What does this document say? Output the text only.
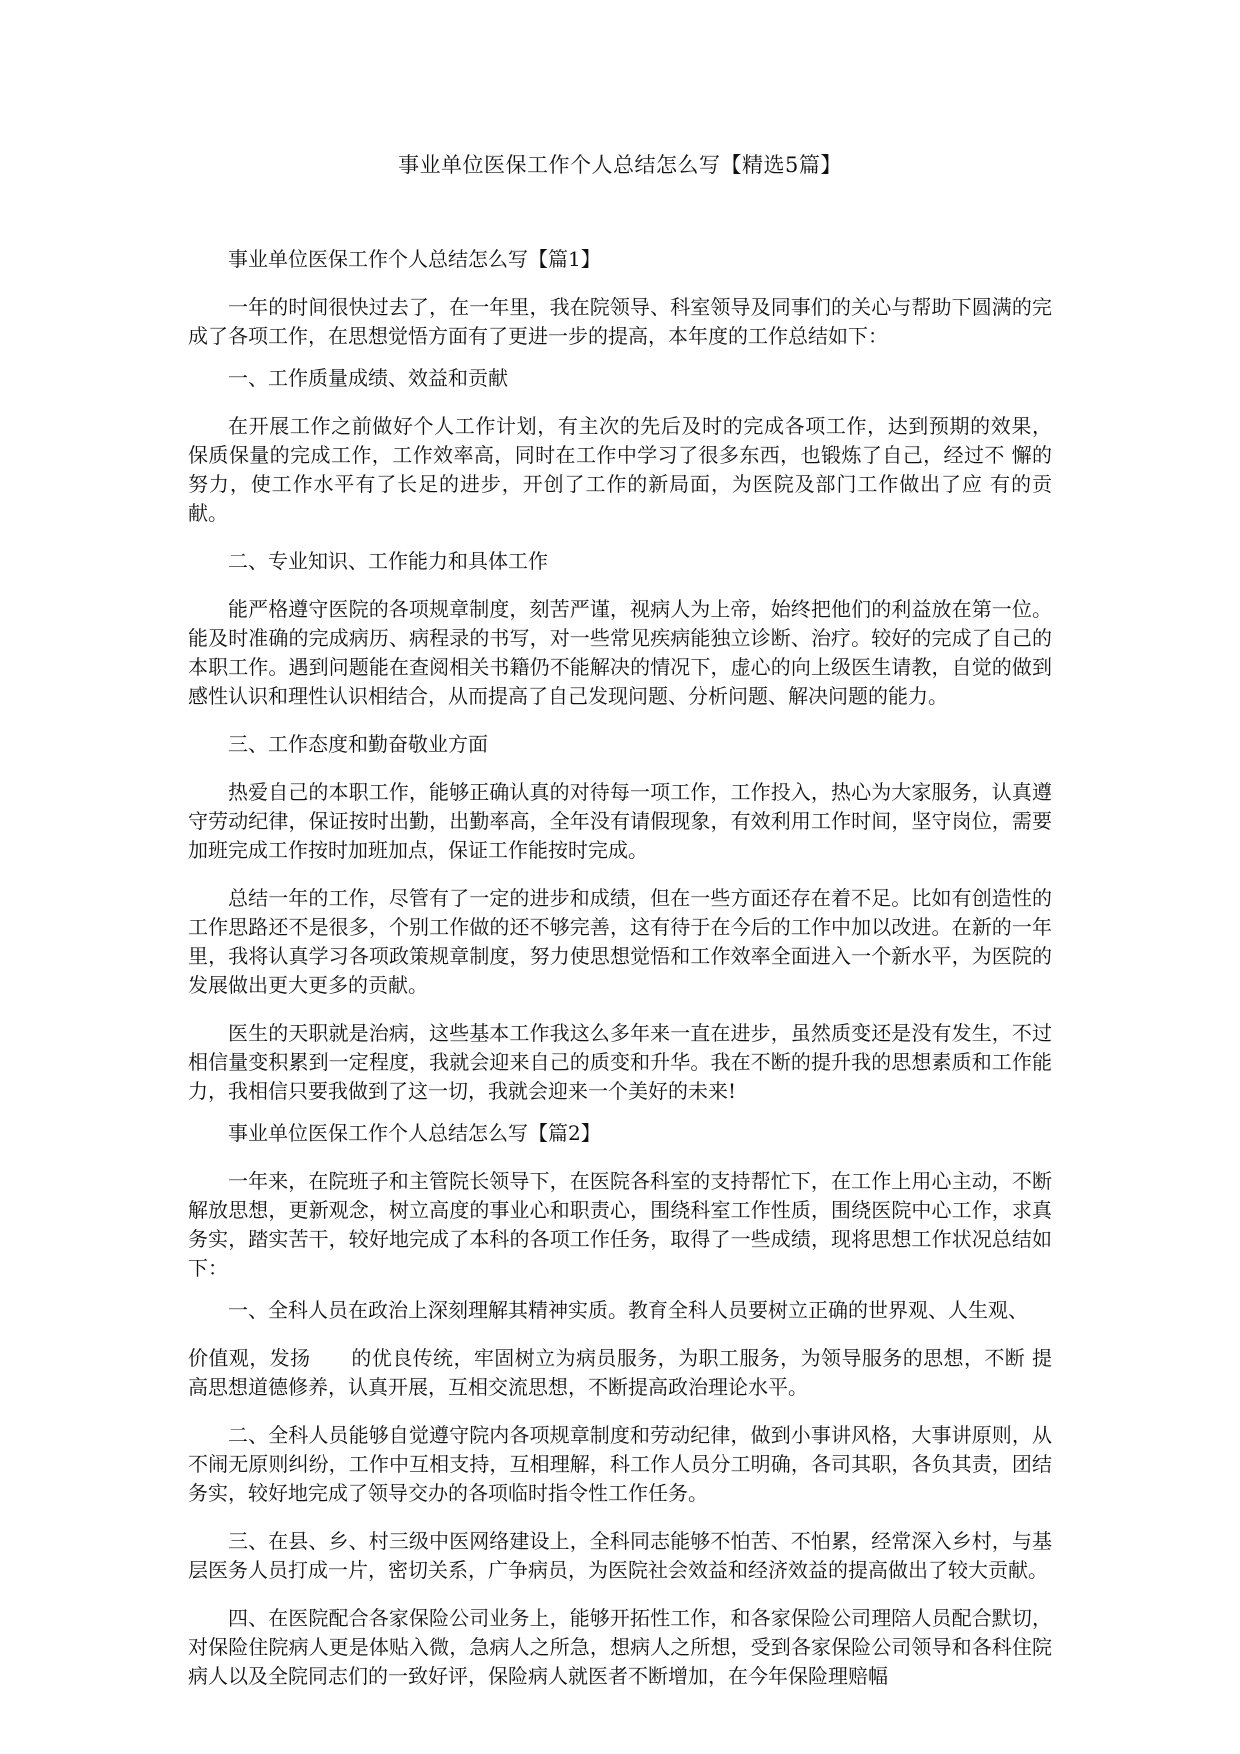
事业单位医保工作个人总结怎么写【精选5篇】
事业单位医保工作个人总结怎么写【篇1】
一年的时间很快过去了，在一年里，我在院领导、科室领导及同事们的关心与帮助下圆满的完成了各项工作，在思想觉悟方面有了更进一步的提高，本年度的工作总结如下：
一、工作质量成绩、效益和贡献
在开展工作之前做好个人工作计划，有主次的先后及时的完成各项工作，达到预期的效果， 保质保量的完成工作，工作效率高，同时在工作中学习了很多东西，也锻炼了自己，经过不 懈的努力，使工作水平有了长足的进步，开创了工作的新局面，为医院及部门工作做出了应 有的贡献。
二、专业知识、工作能力和具体工作
能严格遵守医院的各项规章制度，刻苦严谨，视病人为上帝，始终把他们的利益放在第一位。能及时准确的完成病历、病程录的书写，对一些常见疾病能独立诊断、治疗。较好的完成了自己的本职工作。遇到问题能在查阅相关书籍仍不能解决的情况下，虚心的向上级医生请教，自觉的做到感性认识和理性认识相结合，从而提高了自己发现问题、分析问题、解决问题的能力。
三、工作态度和勤奋敬业方面
热爱自己的本职工作，能够正确认真的对待每一项工作，工作投入，热心为大家服务，认真遵守劳动纪律，保证按时出勤，出勤率高，全年没有请假现象，有效利用工作时间，坚守岗位，需要加班完成工作按时加班加点，保证工作能按时完成。
总结一年的工作，尽管有了一定的进步和成绩，但在一些方面还存在着不足。比如有创造性的工作思路还不是很多，个别工作做的还不够完善，这有待于在今后的工作中加以改进。在新的一年里，我将认真学习各项政策规章制度，努力使思想觉悟和工作效率全面进入一个新水平，为医院的发展做出更大更多的贡献。
医生的天职就是治病，这些基本工作我这么多年来一直在进步，虽然质变还是没有发生，不过相信量变积累到一定程度，我就会迎来自己的质变和升华。我在不断的提升我的思想素质和工作能力，我相信只要我做到了这一切，我就会迎来一个美好的未来!
事业单位医保工作个人总结怎么写【篇2】
一年来，在院班子和主管院长领导下，在医院各科室的支持帮忙下，在工作上用心主动，不断解放思想，更新观念，树立高度的事业心和职责心，围绕科室工作性质，围绕医院中心工作，求真务实，踏实苦干，较好地完成了本科的各项工作任务，取得了一些成绩，现将思想工作状况总结如下：
一、全科人员在政治上深刻理解其精神实质。教育全科人员要树立正确的世界观、人生观、
价值观，发扬　　的优良传统，牢固树立为病员服务，为职工服务，为领导服务的思想，不断 提高思想道德修养，认真开展，互相交流思想，不断提高政治理论水平。
二、全科人员能够自觉遵守院内各项规章制度和劳动纪律，做到小事讲风格，大事讲原则，从不闹无原则纠纷，工作中互相支持，互相理解，科工作人员分工明确，各司其职，各负其责，团结务实，较好地完成了领导交办的各项临时指令性工作任务。
三、在县、乡、村三级中医网络建设上，全科同志能够不怕苦、不怕累，经常深入乡村，与基层医务人员打成一片，密切关系，广争病员，为医院社会效益和经济效益的提高做出了较大贡献。
四、在医院配合各家保险公司业务上，能够开拓性工作，和各家保险公司理陪人员配合默切，对保险住院病人更是体贴入微，急病人之所急，想病人之所想，受到各家保险公司领导和各科住院病人以及全院同志们的一致好评，保险病人就医者不断增加，在今年保险理赔幅
